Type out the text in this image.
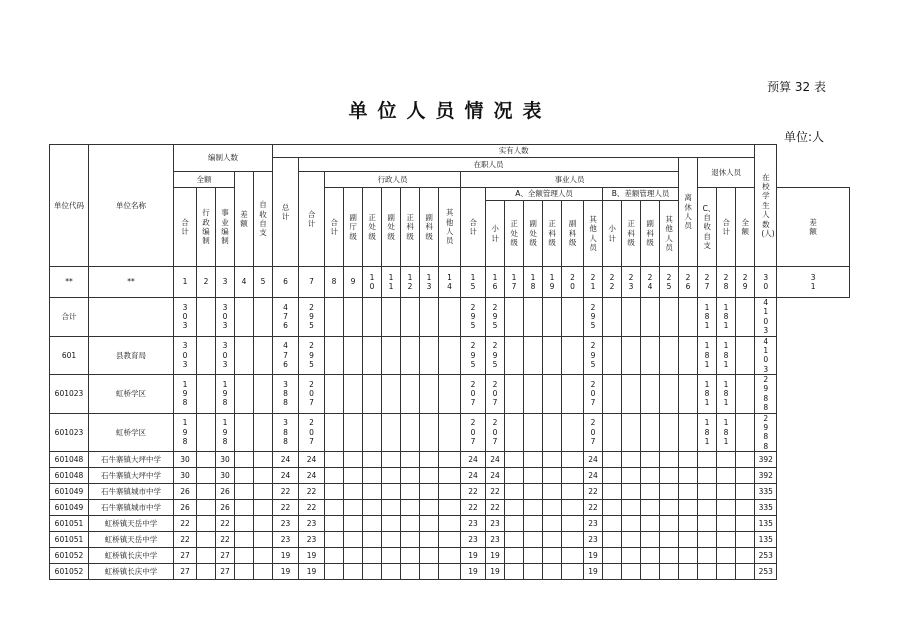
预算 32 表
单位人员情况表
单位:人
单位代码	单位名称	编制人数					实有人数																								在校学生人数(人)	

							总计	在职人员																			离休人员	退休人员				
		全额			差额	自收自支		合计	行政人员							事业人员																

		合计	行政编制	事业编制					合计	副厅级	正处级	副处级	正科级	副科级	其他人员	合计	A、全额管理人员						B、差额管理人员					C、自收自支	合计	全额		差额

																	小计	正处级	副处级	正科级	副科级	其他人员	小计	正科级	副科级	其他人员						

**	**	1	2	3	4	5	6	7	8	9	10	11	12	13	14	15	16	17	18	19	20	21	22	23	24	25	26	27	28	29	30	31

合计		303		303			476	295								295	295					295						181	181		4103	

601	县教育局	303		303			476	295								295	295					295						181	181		4103	

601023	虹桥学区	198		198			388	207								207	207					207						181	181		2988	

601023	虹桥学区	198		198			388	207								207	207					207						181	181		2988	

601048	石牛寨镇大坪中学	30		30			24	24								24	24					24									392	
601048	石牛寨镇大坪中学	30		30			24	24								24	24					24									392	
601049	石牛寨镇城市中学	26		26			22	22								22	22					22									335	
601049	石牛寨镇城市中学	26		26			22	22								22	22					22									335	
601051	虹桥镇天岳中学	22		22			23	23								23	23					23									135	
601051	虹桥镇天岳中学	22		22			23	23								23	23					23									135	
601052	虹桥镇长庆中学	27		27			19	19								19	19					19									253	
601052	虹桥镇长庆中学	27		27			19	19								19	19					19									253	
